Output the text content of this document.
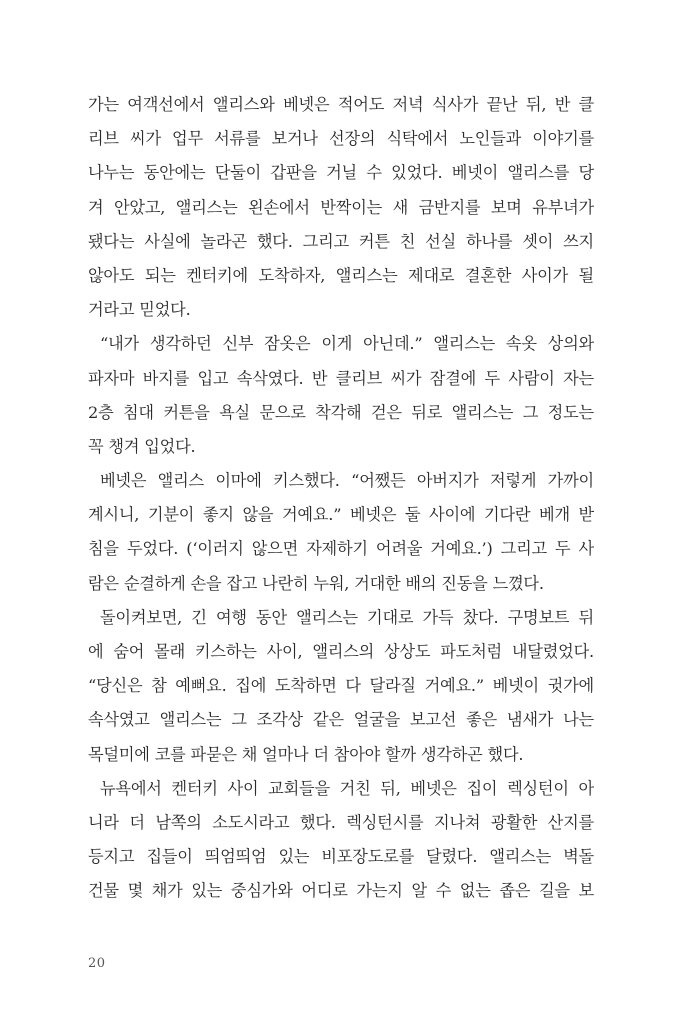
가는 여객선에서 앨리스와 베넷은 적어도 저녁 식사가 끝난 뒤, 반 클
리브 씨가 업무 서류를 보거나 선장의 식탁에서 노인들과 이야기를
나누는 동안에는 단둘이 갑판을 거닐 수 있었다. 베넷이 앨리스를 당
겨 안았고, 앨리스는 왼손에서 반짝이는 새 금반지를 보며 유부녀가
됐다는 사실에 놀라곤 했다. 그리고 커튼 친 선실 하나를 셋이 쓰지
않아도 되는 켄터키에 도착하자, 앨리스는 제대로 결혼한 사이가 될
거라고 믿었다.
“내가 생각하던 신부 잠옷은 이게 아닌데.” 앨리스는 속옷 상의와
파자마 바지를 입고 속삭였다. 반 클리브 씨가 잠결에 두 사람이 자는
2층 침대 커튼을 욕실 문으로 착각해 걷은 뒤로 앨리스는 그 정도는
꼭 챙겨 입었다.
베넷은 앨리스 이마에 키스했다. “어쨌든 아버지가 저렇게 가까이
계시니, 기분이 좋지 않을 거예요.” 베넷은 둘 사이에 기다란 베개 받
침을 두었다. (‘이러지 않으면 자제하기 어려울 거예요.’) 그리고 두 사
람은 순결하게 손을 잡고 나란히 누워, 거대한 배의 진동을 느꼈다.
돌이켜보면, 긴 여행 동안 앨리스는 기대로 가득 찼다. 구명보트 뒤
에 숨어 몰래 키스하는 사이, 앨리스의 상상도 파도처럼 내달렸었다.
“당신은 참 예뻐요. 집에 도착하면 다 달라질 거예요.” 베넷이 귓가에
속삭였고 앨리스는 그 조각상 같은 얼굴을 보고선 좋은 냄새가 나는
목덜미에 코를 파묻은 채 얼마나 더 참아야 할까 생각하곤 했다.
뉴욕에서 켄터키 사이 교회들을 거친 뒤, 베넷은 집이 렉싱턴이 아
니라 더 남쪽의 소도시라고 했다. 렉싱턴시를 지나쳐 광활한 산지를
등지고 집들이 띄엄띄엄 있는 비포장도로를 달렸다. 앨리스는 벽돌
건물 몇 채가 있는 중심가와 어디로 가는지 알 수 없는 좁은 길을 보
20
